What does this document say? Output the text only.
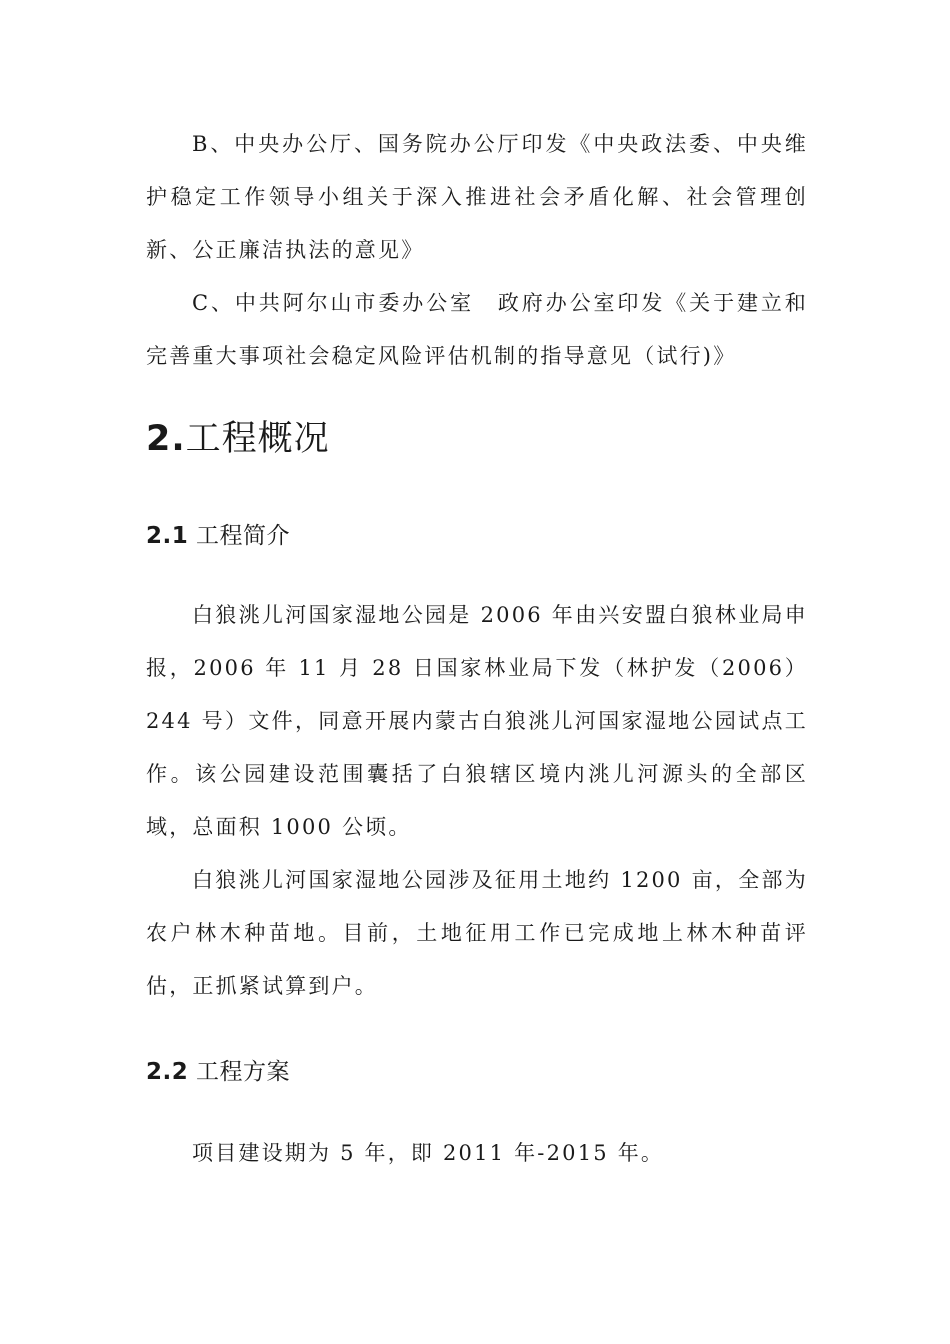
B、中央办公厅、国务院办公厅印发《中央政法委、中央维护稳定工作领导小组关于深入推进社会矛盾化解、社会管理创新、公正廉洁执法的意见》

C、中共阿尔山市委办公室　政府办公室印发《关于建立和完善重大事项社会稳定风险评估机制的指导意见（试行)》

2.工程概况
2.1 工程简介

白狼洮儿河国家湿地公园是 2006 年由兴安盟白狼林业局申报，2006 年 11 月 28 日国家林业局下发（林护发（2006）244 号）文件，同意开展内蒙古白狼洮儿河国家湿地公园试点工作。该公园建设范围囊括了白狼辖区境内洮儿河源头的全部区域，总面积 1000 公顷。

白狼洮儿河国家湿地公园涉及征用土地约 1200 亩，全部为农户林木种苗地。目前，土地征用工作已完成地上林木种苗评估，正抓紧试算到户。

2.2 工程方案

项目建设期为 5 年，即 2011 年-2015 年。
